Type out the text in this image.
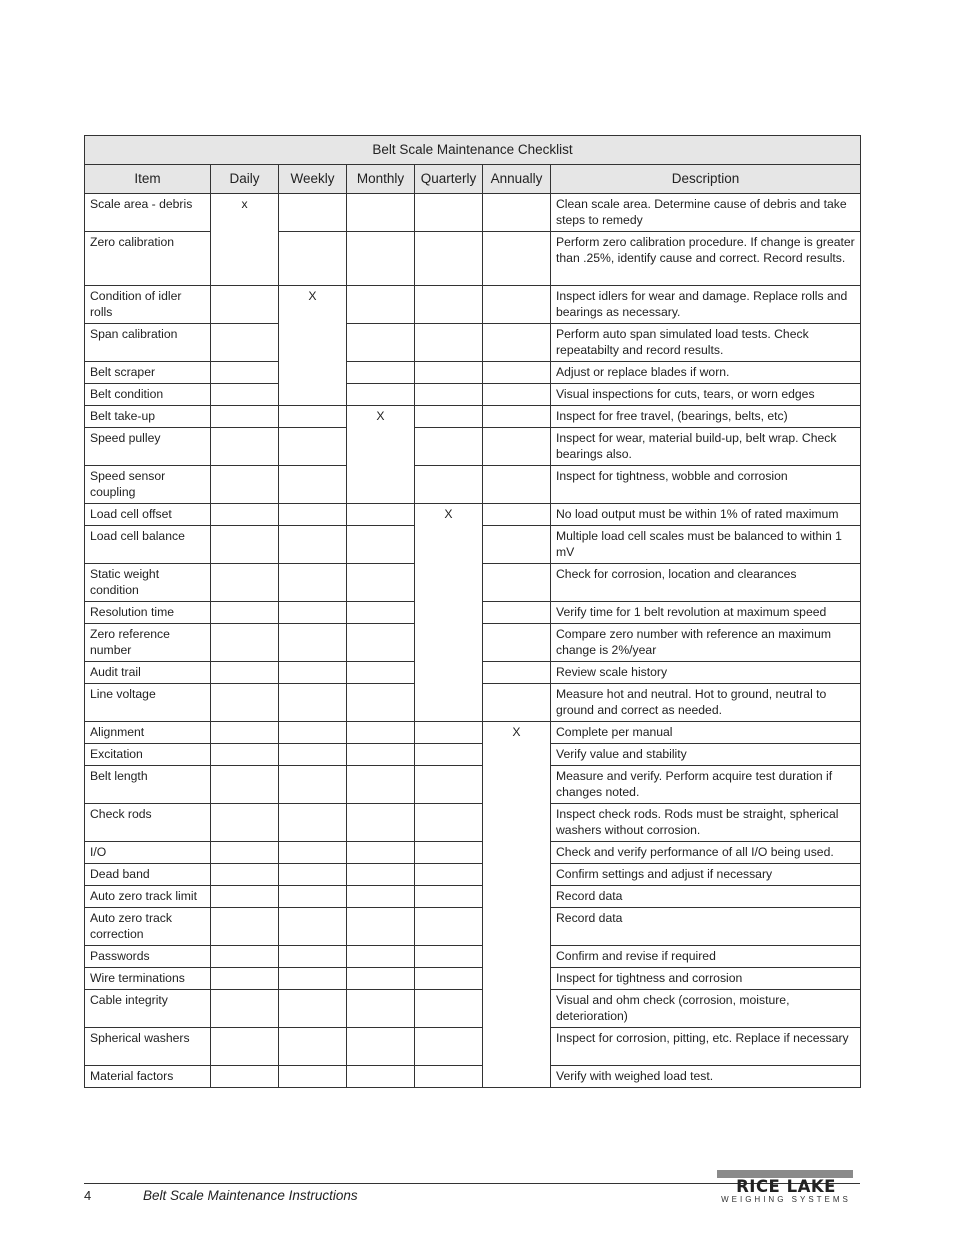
Belt Scale Maintenance Checklist						
Item	Daily	Weekly	Monthly	Quarterly	Annually	Description
Scale area - debris	x					Clean scale area. Determine cause of debris and take steps to remedy
Zero calibration						Perform zero calibration procedure. If change is greater than .25%, identify cause and correct. Record results.
Condition of idler rolls		X				Inspect idlers for wear and damage. Replace rolls and bearings as necessary.
Span calibration						Perform auto span simulated load tests. Check repeatabilty and record results.
Belt scraper						Adjust or replace blades if worn.
Belt condition						Visual inspections for cuts, tears, or worn edges
Belt take-up			X			Inspect for free travel, (bearings, belts, etc)
Speed pulley						Inspect for wear, material build-up, belt wrap. Check bearings also.
Speed sensor coupling						Inspect for tightness, wobble and corrosion
Load cell offset				X		No load output must be within 1% of rated maximum
Load cell balance						Multiple load cell scales must be balanced to within 1 mV
Static weight condition						Check for corrosion, location and clearances
Resolution time						Verify time for 1 belt revolution at maximum speed
Zero reference number						Compare zero number with reference an maximum change is 2%/year
Audit trail						Review scale history
Line voltage						Measure hot and neutral. Hot to ground, neutral to ground and correct as needed.
Alignment					X	Complete per manual
Excitation						Verify value and stability
Belt length						Measure and verify. Perform acquire test duration if changes noted.
Check rods						Inspect check rods. Rods must be straight, spherical washers without corrosion.
I/O						Check and verify performance of all I/O being used.
Dead band						Confirm settings and adjust if necessary
Auto zero track limit						Record data
Auto zero track correction						Record data
Passwords						Confirm and revise if required
Wire terminations						Inspect for tightness and corrosion
Cable integrity						Visual and ohm check (corrosion, moisture, deterioration)
Spherical washers						Inspect for corrosion, pitting, etc. Replace if necessary
Material factors						Verify with weighed load test.
4	Belt Scale Maintenance Instructions	RICE LAKE
WEIGHING SYSTEMS
